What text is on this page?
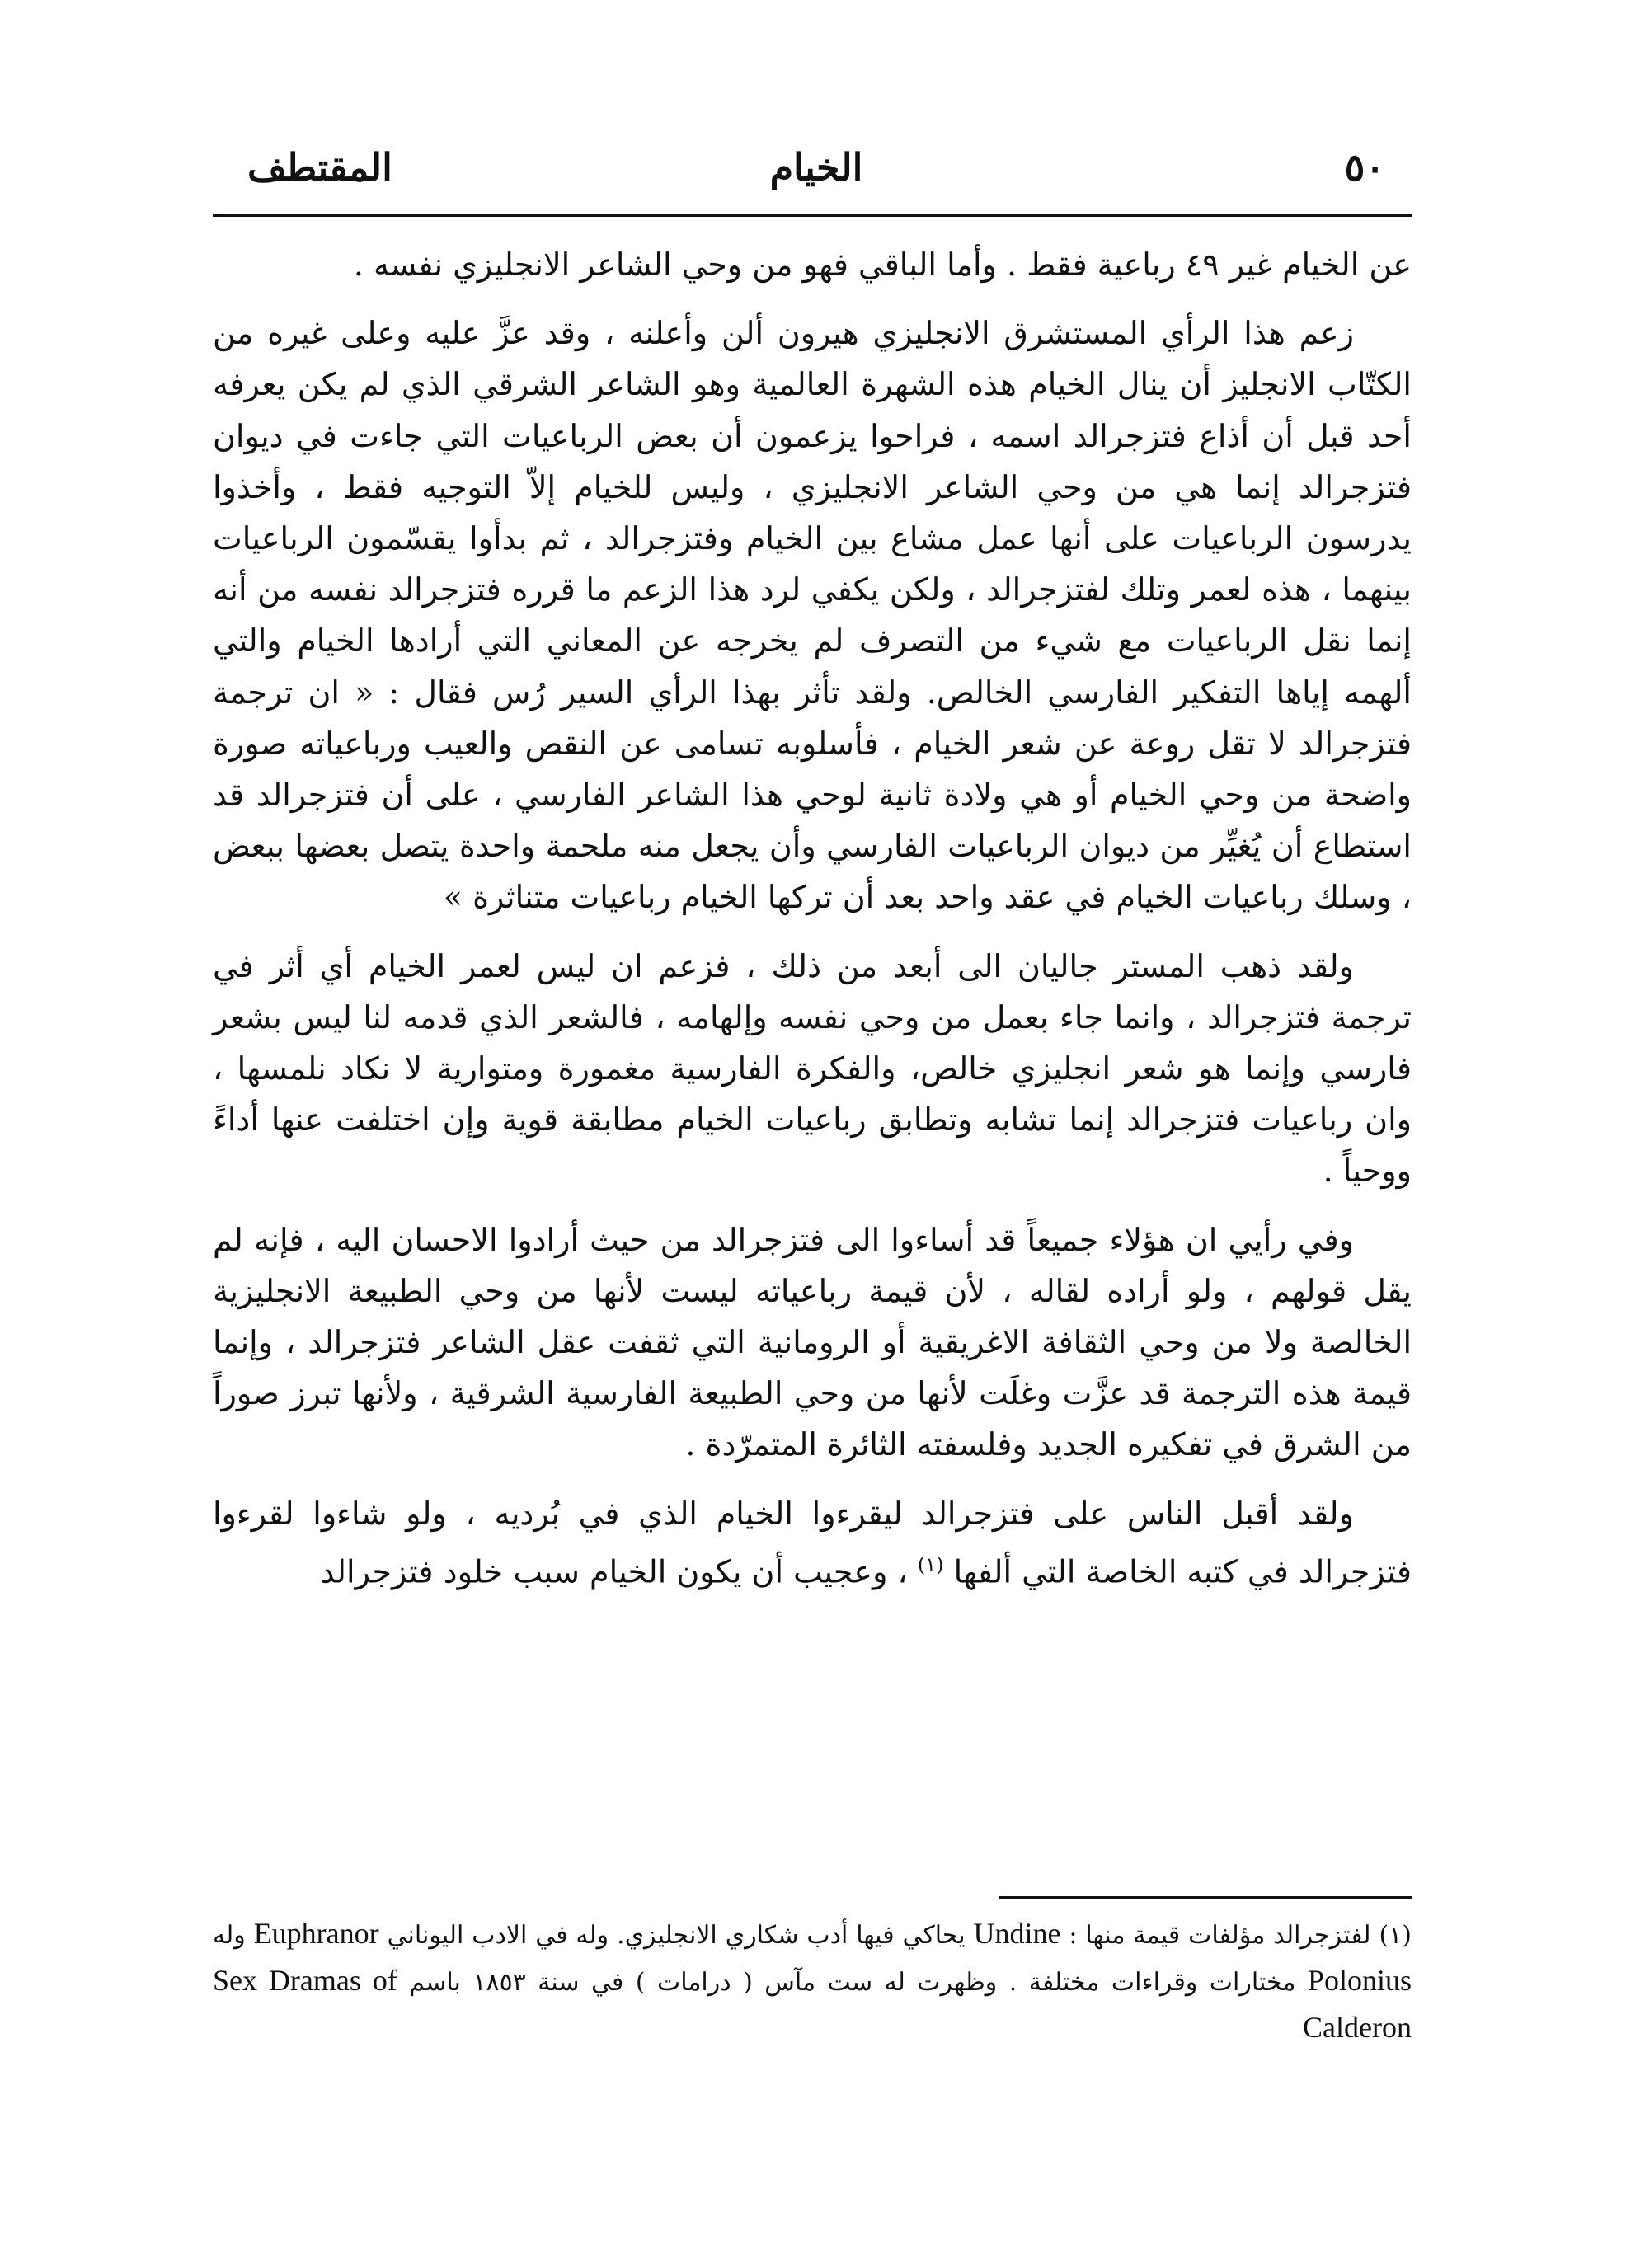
٥٠
الخيام
المقتطف

عن الخيام غير ٤٩ رباعية فقط . وأما الباقي فهو من وحي الشاعر الانجليزي نفسه .

زعم هذا الرأي المستشرق الانجليزي هيرون ألن وأعلنه ، وقد عزَّ عليه وعلى غيره من الكتّاب الانجليز أن ينال الخيام هذه الشهرة العالمية وهو الشاعر الشرقي الذي لم يكن يعرفه أحد قبل أن أذاع فتزجرالد اسمه ، فراحوا يزعمون أن بعض الرباعيات التي جاءت في ديوان فتزجرالد إنما هي من وحي الشاعر الانجليزي ، وليس للخيام إلاّ التوجيه فقط ، وأخذوا يدرسون الرباعيات على أنها عمل مشاع بين الخيام وفتزجرالد ، ثم بدأوا يقسّمون الرباعيات بينهما ، هذه لعمر وتلك لفتزجرالد ، ولكن يكفي لرد هذا الزعم ما قرره فتزجرالد نفسه من أنه إنما نقل الرباعيات مع شيء من التصرف لم يخرجه عن المعاني التي أرادها الخيام والتي ألهمه إياها التفكير الفارسي الخالص. ولقد تأثر بهذا الرأي السير رُس فقال : « ان ترجمة فتزجرالد لا تقل روعة عن شعر الخيام ، فأسلوبه تسامى عن النقص والعيب ورباعياته صورة واضحة من وحي الخيام أو هي ولادة ثانية لوحي هذا الشاعر الفارسي ، على أن فتزجرالد قد استطاع أن يُغيِّر من ديوان الرباعيات الفارسي وأن يجعل منه ملحمة واحدة يتصل بعضها ببعض ، وسلك رباعيات الخيام في عقد واحد بعد أن تركها الخيام رباعيات متناثرة »

ولقد ذهب المستر جاليان الى أبعد من ذلك ، فزعم ان ليس لعمر الخيام أي أثر في ترجمة فتزجرالد ، وانما جاء بعمل من وحي نفسه وإلهامه ، فالشعر الذي قدمه لنا ليس بشعر فارسي وإنما هو شعر انجليزي خالص، والفكرة الفارسية مغمورة ومتوارية لا نكاد نلمسها ، وان رباعيات فتزجرالد إنما تشابه وتطابق رباعيات الخيام مطابقة قوية وإن اختلفت عنها أداءً ووحياً .

وفي رأيي ان هؤلاء جميعاً قد أساءوا الى فتزجرالد من حيث أرادوا الاحسان اليه ، فإنه لم يقل قولهم ، ولو أراده لقاله ، لأن قيمة رباعياته ليست لأنها من وحي الطبيعة الانجليزية الخالصة ولا من وحي الثقافة الاغريقية أو الرومانية التي ثقفت عقل الشاعر فتزجرالد ، وإنما قيمة هذه الترجمة قد عزَّت وغلَت لأنها من وحي الطبيعة الفارسية الشرقية ، ولأنها تبرز صوراً من الشرق في تفكيره الجديد وفلسفته الثائرة المتمرّدة .

ولقد أقبل الناس على فتزجرالد ليقرءوا الخيام الذي في بُرديه ، ولو شاءوا لقرءوا فتزجرالد في كتبه الخاصة التي ألفها $^{(١)}$ ، وعجيب أن يكون الخيام سبب خلود فتزجرالد

(١) لفتزجرالد مؤلفات قيمة منها : Undine يحاكي فيها أدب شكاري الانجليزي. وله في الادب اليوناني Euphranor وله Polonius مختارات وقراءات مختلفة . وظهرت له ست مآس ( درامات ) في سنة ١٨٥٣ باسم Sex Dramas of Calderon
